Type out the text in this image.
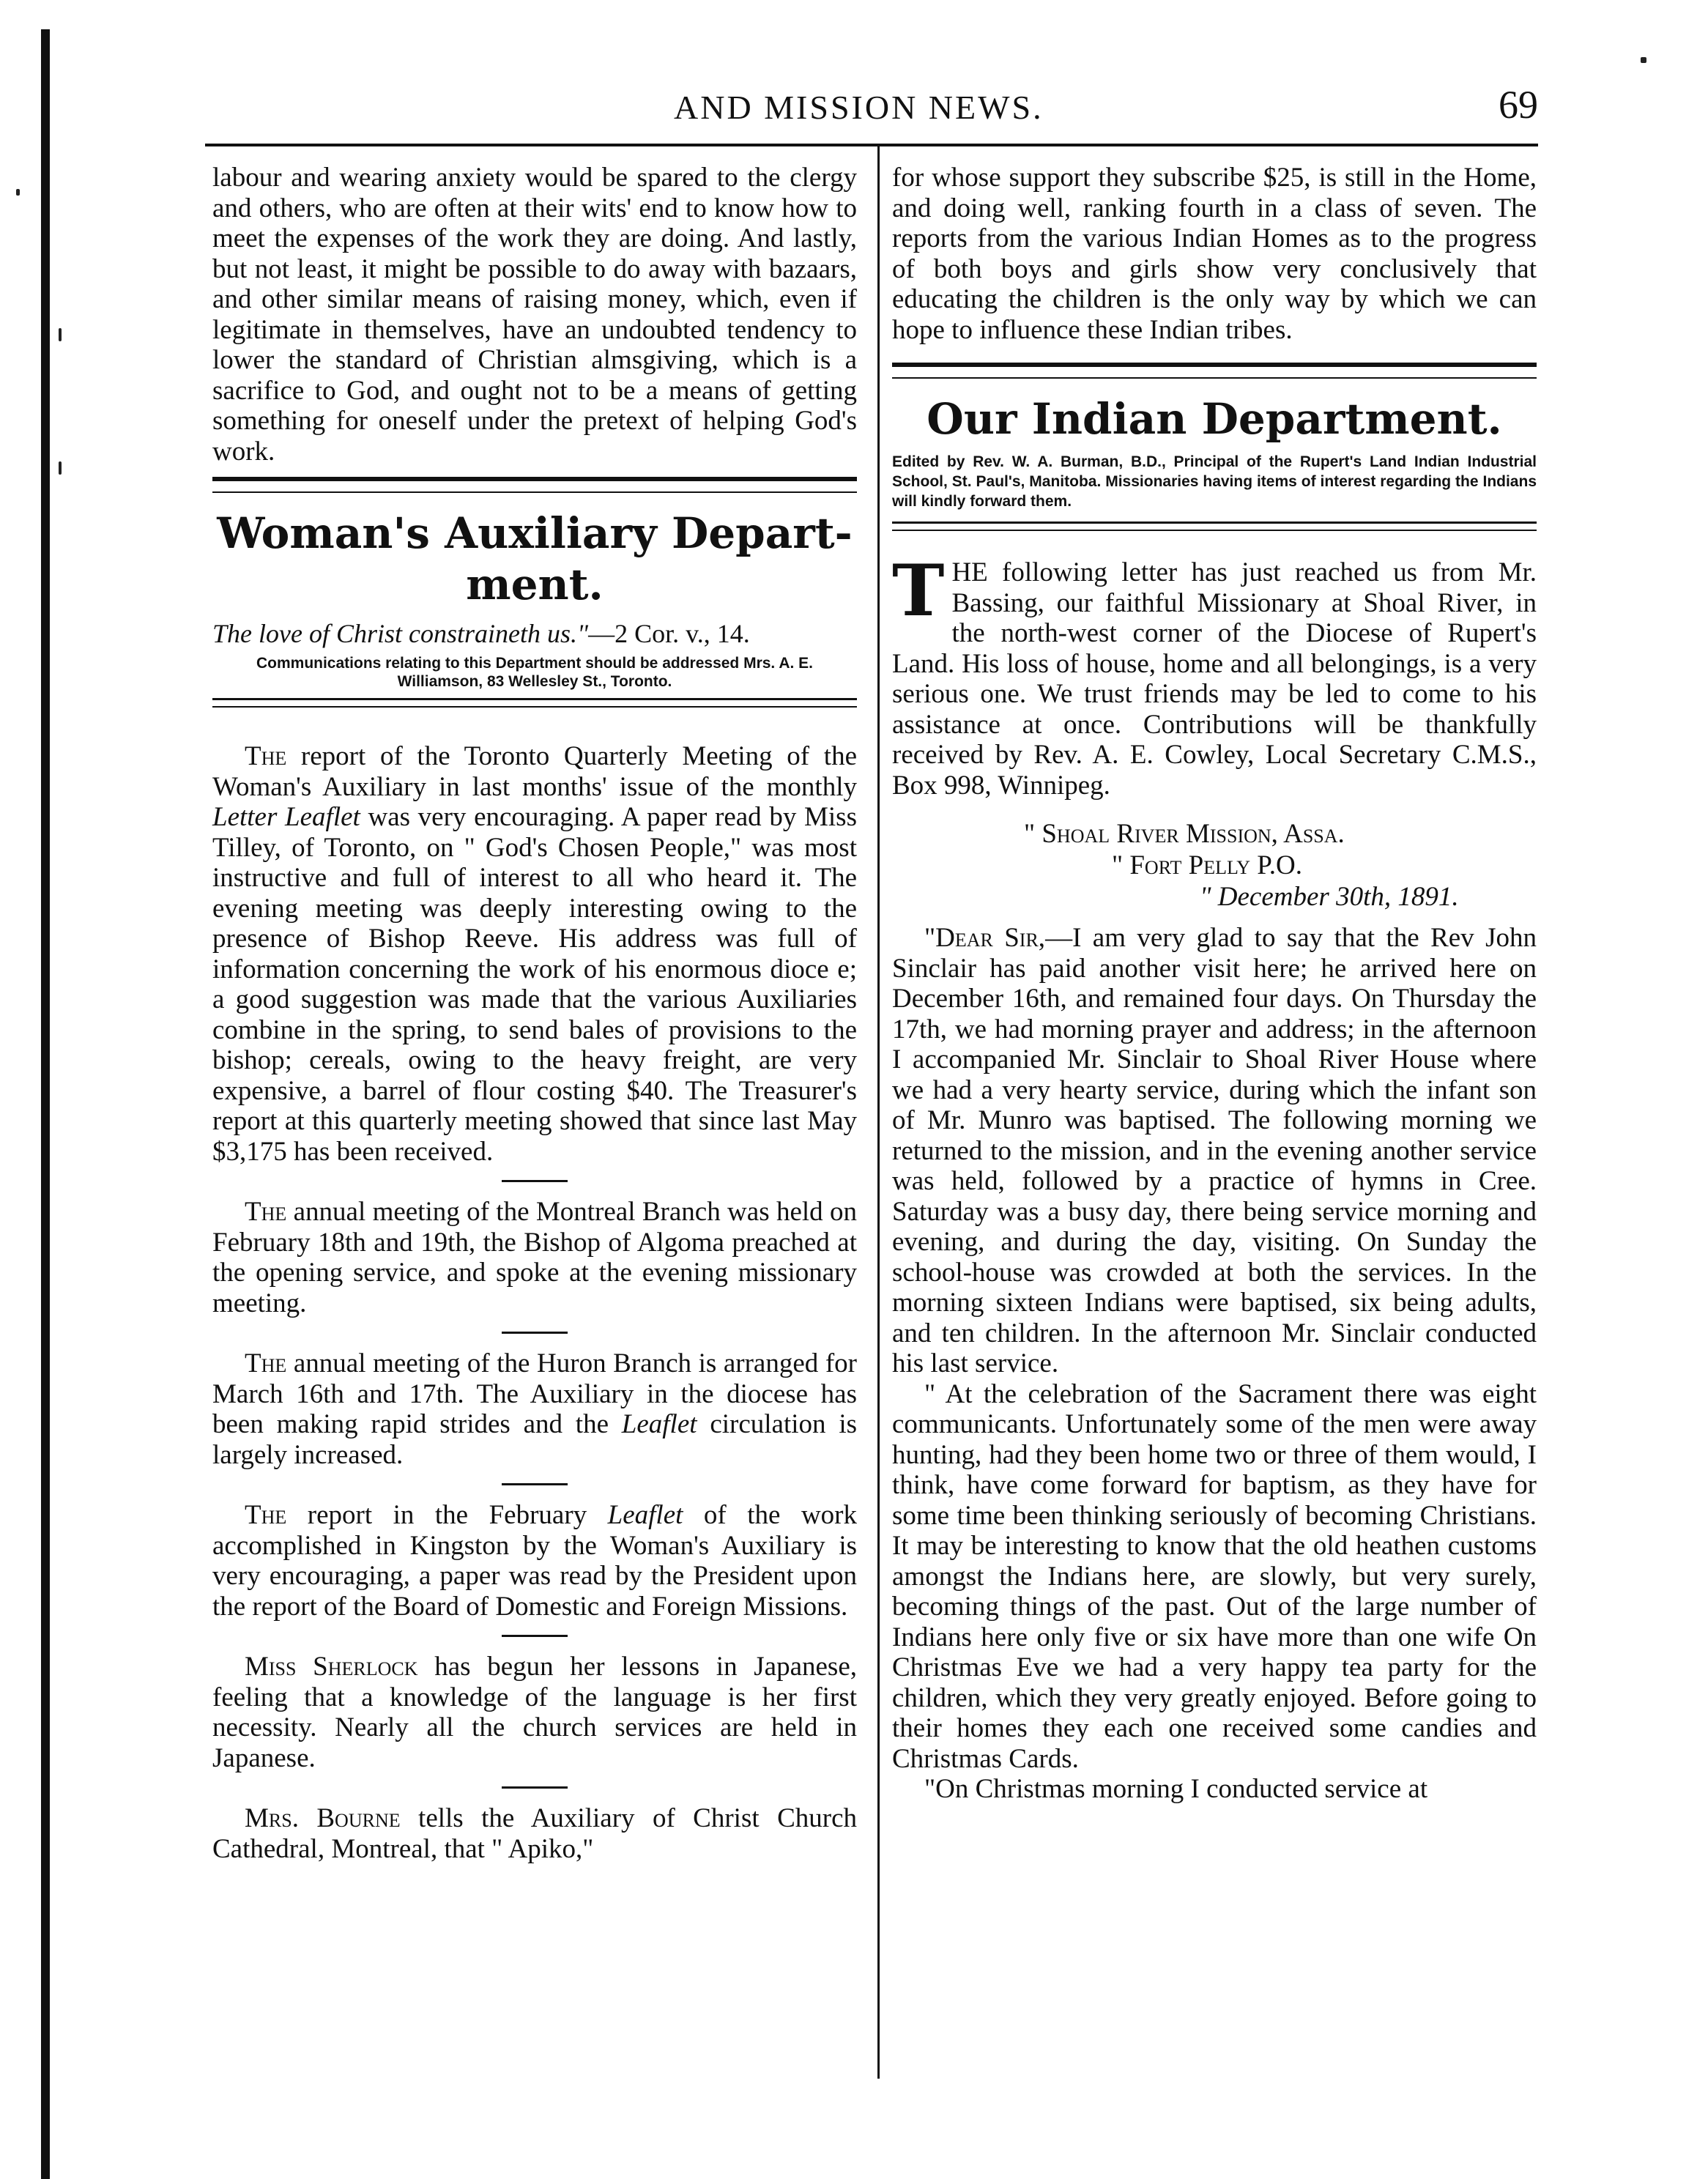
AND MISSION NEWS.	69

labour and wearing anxiety would be spared to the clergy and others, who are often at their wits' end to know how to meet the expenses of the work they are doing. And lastly, but not least, it might be possible to do away with bazaars, and other similar means of raising money, which, even if legitimate in themselves, have an undoubted tendency to lower the standard of Christian almsgiving, which is a sacrifice to God, and ought not to be a means of getting something for oneself under the pretext of helping God's work.

Woman's Auxiliary Depart-
ment.
The love of Christ constraineth us."—2 Cor. v., 14.
Communications relating to this Department should be addressed Mrs. A. E. Williamson, 83 Wellesley St., Toronto.

The report of the Toronto Quarterly Meeting of the Woman's Auxiliary in last months' issue of the monthly Letter Leaflet was very encouraging. A paper read by Miss Tilley, of Toronto, on " God's Chosen People," was most instructive and full of interest to all who heard it. The evening meeting was deeply interesting owing to the presence of Bishop Reeve. His address was full of information concerning the work of his enormous dioce e; a good suggestion was made that the various Auxiliaries combine in the spring, to send bales of provisions to the bishop; cereals, owing to the heavy freight, are very expensive, a barrel of flour costing $40. The Treasurer's report at this quarterly meeting showed that since last May $3,175 has been received.

The annual meeting of the Montreal Branch was held on February 18th and 19th, the Bishop of Algoma preached at the opening service, and spoke at the evening missionary meeting.

The annual meeting of the Huron Branch is arranged for March 16th and 17th. The Auxiliary in the diocese has been making rapid strides and the Leaflet circulation is largely increased.

The report in the February Leaflet of the work accomplished in Kingston by the Woman's Auxiliary is very encouraging, a paper was read by the President upon the report of the Board of Domestic and Foreign Missions.

Miss Sherlock has begun her lessons in Japanese, feeling that a knowledge of the language is her first necessity. Nearly all the church services are held in Japanese.

Mrs. Bourne tells the Auxiliary of Christ Church Cathedral, Montreal, that " Apiko,"

for whose support they subscribe $25, is still in the Home, and doing well, ranking fourth in a class of seven. The reports from the various Indian Homes as to the progress of both boys and girls show very conclusively that educating the children is the only way by which we can hope to influence these Indian tribes.

Our Indian Department.
Edited by Rev. W. A. Burman, B.D., Principal of the Rupert's Land Indian Industrial School, St. Paul's, Manitoba. Missionaries having items of interest regarding the Indians will kindly forward them.

THE following letter has just reached us from Mr. Bassing, our faithful Missionary at Shoal River, in the north-west corner of the Diocese of Rupert's Land. His loss of house, home and all belongings, is a very serious one. We trust friends may be led to come to his assistance at once. Contributions will be thankfully received by Rev. A. E. Cowley, Local Secretary C.M.S., Box 998, Winnipeg.

" Shoal River Mission, Assa.
" Fort Pelly P.O.
" December 30th, 1891.

"Dear Sir,—I am very glad to say that the Rev John Sinclair has paid another visit here; he arrived here on December 16th, and remained four days. On Thursday the 17th, we had morning prayer and address; in the afternoon I accompanied Mr. Sinclair to Shoal River House where we had a very hearty service, during which the infant son of Mr. Munro was baptised. The following morning we returned to the mission, and in the evening another service was held, followed by a practice of hymns in Cree. Saturday was a busy day, there being service morning and evening, and during the day, visiting. On Sunday the school-house was crowded at both the services. In the morning sixteen Indians were baptised, six being adults, and ten children. In the afternoon Mr. Sinclair conducted his last service.

" At the celebration of the Sacrament there was eight communicants. Unfortunately some of the men were away hunting, had they been home two or three of them would, I think, have come forward for baptism, as they have for some time been thinking seriously of becoming Christians. It may be interesting to know that the old heathen customs amongst the Indians here, are slowly, but very surely, becoming things of the past. Out of the large number of Indians here only five or six have more than one wife On Christmas Eve we had a very happy tea party for the children, which they very greatly enjoyed. Before going to their homes they each one received some candies and Christmas Cards.

"On Christmas morning I conducted service at
